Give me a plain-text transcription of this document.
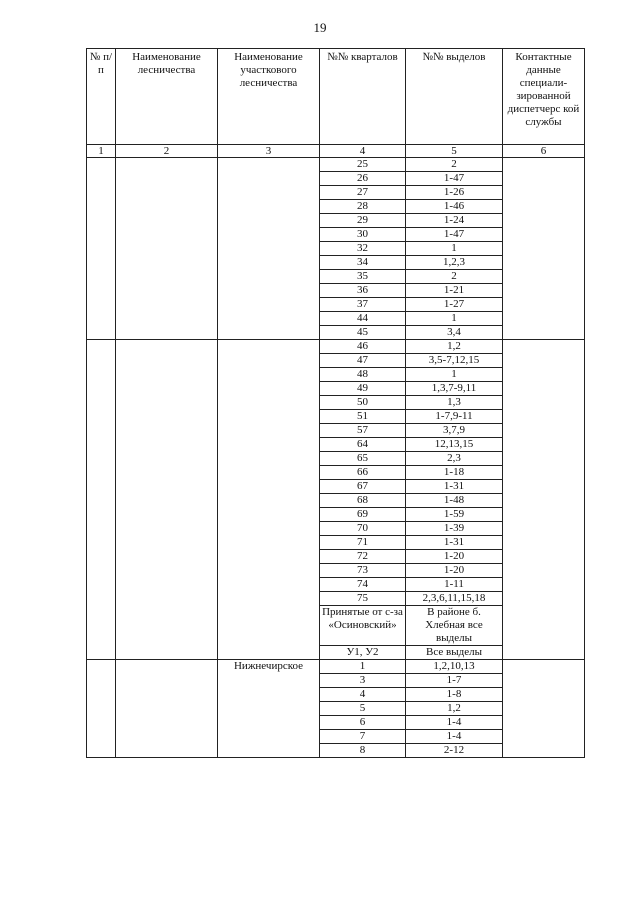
19
№ п/п	Наименование лесничества	Наименование участкового лесничества	№№ кварталов	№№ выделов	Контактные данные специали-зированной диспетчерс кой службы
1	2	3	4	5	6
			25	2	
			26	1-47	
			27	1-26	
			28	1-46	
			29	1-24	
			30	1-47	
			32	1	
			34	1,2,3	
			35	2	
			36	1-21	
			37	1-27	
			44	1	
			45	3,4	
			46	1,2	
			47	3,5-7,12,15	
			48	1	
			49	1,3,7-9,11	
			50	1,3	
			51	1-7,9-11	
			57	3,7,9	
			64	12,13,15	
			65	2,3	
			66	1-18	
			67	1-31	
			68	1-48	
			69	1-59	
			70	1-39	
			71	1-31	
			72	1-20	
			73	1-20	
			74	1-11	
			75	2,3,6,11,15,18	
			Принятые от с-за «Осиновский»	В районе б. Хлебная все выделы	
			У1, У2	Все выделы	
		Нижнечирское	1	1,2,10,13	
			3	1-7	
			4	1-8	
			5	1,2	
			6	1-4	
			7	1-4	
			8	2-12	
